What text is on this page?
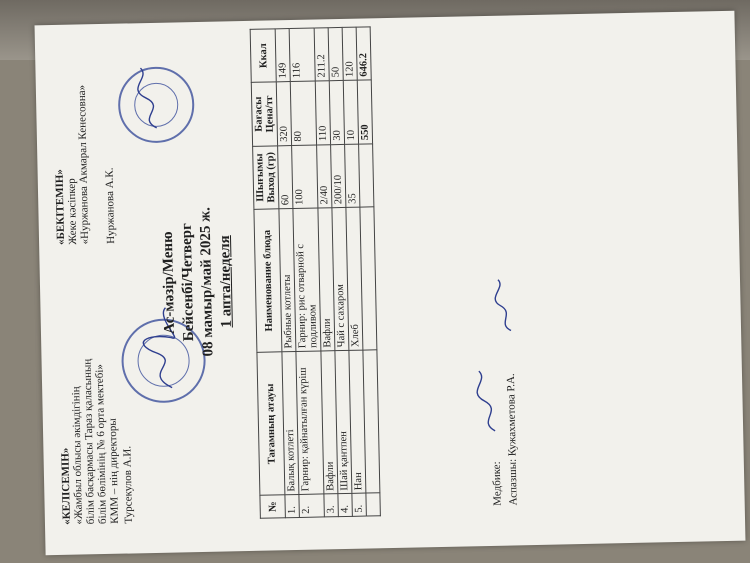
«КЕЛІСЕМІН»
«Жамбыл облысы әкімдігінің
білім басқармасы Тараз қаласының
білім бөлімінің № 6 орта мектебі»
КММ – нің директоры Турсекулов А.И.
«БЕКІТЕМІН»
Жеке кәсіпкер
«Нуржанова Акмарал Кенесовна» Нуржанова А.К.
Ас-мәзір/Меню Бейсенбі/Четверг 08 мамыр/май 2025 ж. 1 апта/неделя
№	Тағамның атауы	Наименование блюда	Шығымы Выход (гр)	Бағасы Цена/тг	Ккал
1.	Балық котлеті	Рыбные котлеты	60	320	149
2.	Гарнир: қайнатылған күріш	Гарнир: рис отварной с подливом	100	80	116
3.	Вафли	Вафли	2/40	110	211.2
4.	Шай қантпен	Чай с сахаром	200/10	30	50
5.	Нан	Хлеб	35	10	120
				550	646.2
Медбике: Аспазшы: Кужахметова Р.А.
